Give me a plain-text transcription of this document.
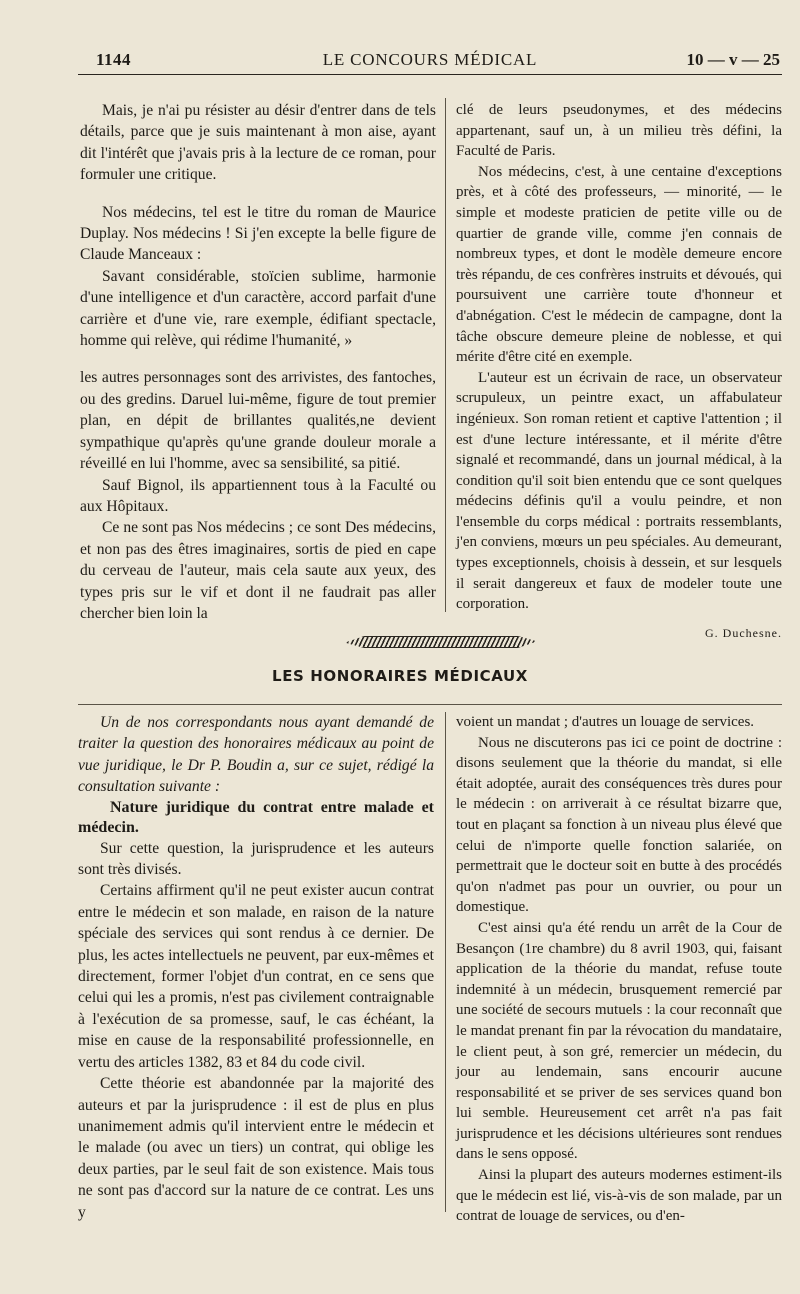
1144	LE CONCOURS MÉDICAL	10 — v — 25

Mais, je n'ai pu résister au désir d'entrer dans de tels détails, parce que je suis maintenant à mon aise, ayant dit l'intérêt que j'avais pris à la lecture de ce roman, pour formuler une critique.

Nos médecins, tel est le titre du roman de Maurice Duplay. Nos médecins ! Si j'en excepte la belle figure de Claude Manceaux :

Savant considérable, stoïcien sublime, harmonie d'une intelligence et d'un caractère, accord parfait d'une carrière et d'une vie, rare exemple, édifiant spectacle, homme qui relève, qui rédime l'humanité, »

les autres personnages sont des arrivistes, des fantoches, ou des gredins. Daruel lui-même, figure de tout premier plan, en dépit de brillantes qualités,ne devient sympathique qu'après qu'une grande douleur morale a réveillé en lui l'homme, avec sa sensibilité, sa pitié.

Sauf Bignol, ils appartiennent tous à la Faculté ou aux Hôpitaux.

Ce ne sont pas Nos médecins ; ce sont Des médecins, et non pas des êtres imaginaires, sortis de pied en cape du cerveau de l'auteur, mais cela saute aux yeux, des types pris sur le vif et dont il ne faudrait pas aller chercher bien loin la

clé de leurs pseudonymes, et des médecins appartenant, sauf un, à un milieu très défini, la Faculté de Paris.

Nos médecins, c'est, à une centaine d'exceptions près, et à côté des professeurs, — minorité, — le simple et modeste praticien de petite ville ou de quartier de grande ville, comme j'en connais de nombreux types, et dont le modèle demeure encore très répandu, de ces confrères instruits et dévoués, qui poursuivent une carrière toute d'honneur et d'abnégation. C'est le médecin de campagne, dont la tâche obscure demeure pleine de noblesse, et qui mérite d'être cité en exemple.

L'auteur est un écrivain de race, un observateur scrupuleux, un peintre exact, un affabulateur ingénieux. Son roman retient et captive l'attention ; il est d'une lecture intéressante, et il mérite d'être signalé et recommandé, dans un journal médical, à la condition qu'il soit bien entendu que ce sont quelques médecins définis qu'il a voulu peindre, et non l'ensemble du corps médical : portraits ressemblants, j'en conviens, mœurs un peu spéciales. Au demeurant, types exceptionnels, choisis à dessein, et sur lesquels il serait dangereux et faux de modeler toute une corporation.

G. Duchesne.

LES HONORAIRES MÉDICAUX

Un de nos correspondants nous ayant demandé de traiter la question des honoraires médicaux au point de vue juridique, le Dr P. Boudin a, sur ce sujet, rédigé la consultation suivante :

Nature juridique du contrat entre malade et médecin.

Sur cette question, la jurisprudence et les auteurs sont très divisés.

Certains affirment qu'il ne peut exister aucun contrat entre le médecin et son malade, en raison de la nature spéciale des services qui sont rendus à ce dernier. De plus, les actes intellectuels ne peuvent, par eux-mêmes et directement, former l'objet d'un contrat, en ce sens que celui qui les a promis, n'est pas civilement contraignable à l'exécution de sa promesse, sauf, le cas échéant, la mise en cause de la responsabilité professionnelle, en vertu des articles 1382, 83 et 84 du code civil.

Cette théorie est abandonnée par la majorité des auteurs et par la jurisprudence : il est de plus en plus unanimement admis qu'il intervient entre le médecin et le malade (ou avec un tiers) un contrat, qui oblige les deux parties, par le seul fait de son existence. Mais tous ne sont pas d'accord sur la nature de ce contrat. Les uns y

voient un mandat ; d'autres un louage de services.

Nous ne discuterons pas ici ce point de doctrine : disons seulement que la théorie du mandat, si elle était adoptée, aurait des conséquences très dures pour le médecin : on arriverait à ce résultat bizarre que, tout en plaçant sa fonction à un niveau plus élevé que celui de n'importe quelle fonction salariée, on permettrait que le docteur soit en butte à des procédés qu'on n'admet pas pour un ouvrier, ou pour un domestique.

C'est ainsi qu'a été rendu un arrêt de la Cour de Besançon (1re chambre) du 8 avril 1903, qui, faisant application de la théorie du mandat, refuse toute indemnité à un médecin, brusquement remercié par une société de secours mutuels : la cour reconnaît que le mandat prenant fin par la révocation du mandataire, le client peut, à son gré, remercier un médecin, du jour au lendemain, sans encourir aucune responsabilité et se priver de ses services quand bon lui semble. Heureusement cet arrêt n'a pas fait jurisprudence et les décisions ultérieures sont rendues dans le sens opposé.

Ainsi la plupart des auteurs modernes estiment-ils que le médecin est lié, vis-à-vis de son malade, par un contrat de louage de services, ou d'en-
